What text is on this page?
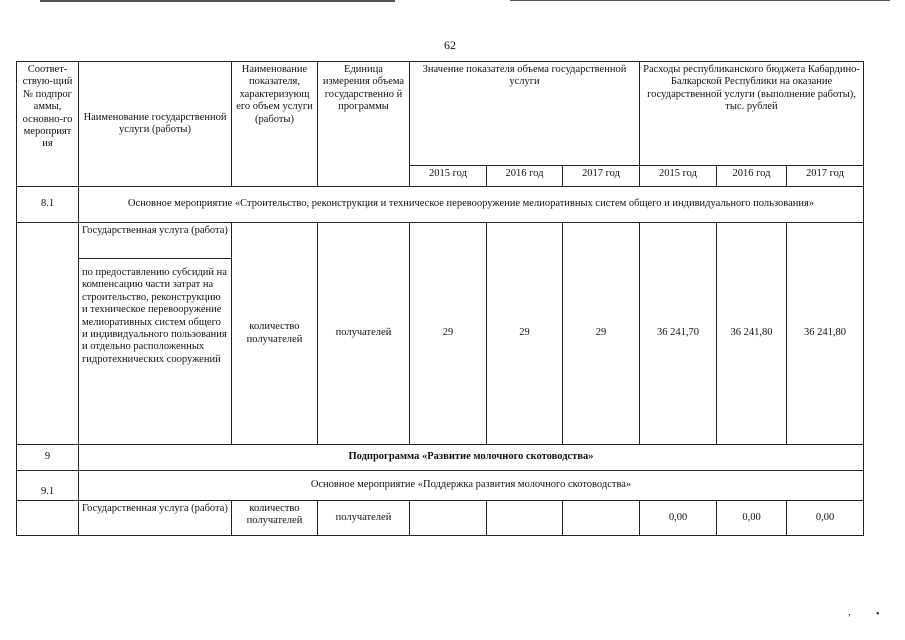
62
Соответ-ствую-щий № подпрог аммы, основно-го мероприят ия	Наименование государственной услуги (работы)	Наименование показателя, характеризующ его объем услуги (работы)	Единица измерения объема государственно й программы	Значение показателя объема государственной услуги			Расходы республиканского бюджета Кабардино-Балкарской Республики на оказание государственной услуги (выполнение работы), тыс. рублей		
				2015 год	2016 год	2017 год	2015 год	2016 год	2017 год
8.1	Основное мероприятие «Строительство, реконструкция и техническое перевооружение мелиоративных систем общего и индивидуального пользования»								
	Государственная услуга (работа)	количество получателей	получателей	29	29	29	36 241,70	36 241,80	36 241,80
	по предоставлению субсидий на компенсацию части затрат на строительство, реконструкцию и техническое перевооружение мелиоративных систем общего и индивидуального пользования и отдельно расположенных гидротехнических сооружений								
9	Подпрограмма «Развитие молочного скотоводства»								
9.1	Основное мероприятие «Поддержка развития молочного скотоводства»								
	Государственная услуга (работа)	количество получателей	получателей				0,00	0,00	0,00
,	•
